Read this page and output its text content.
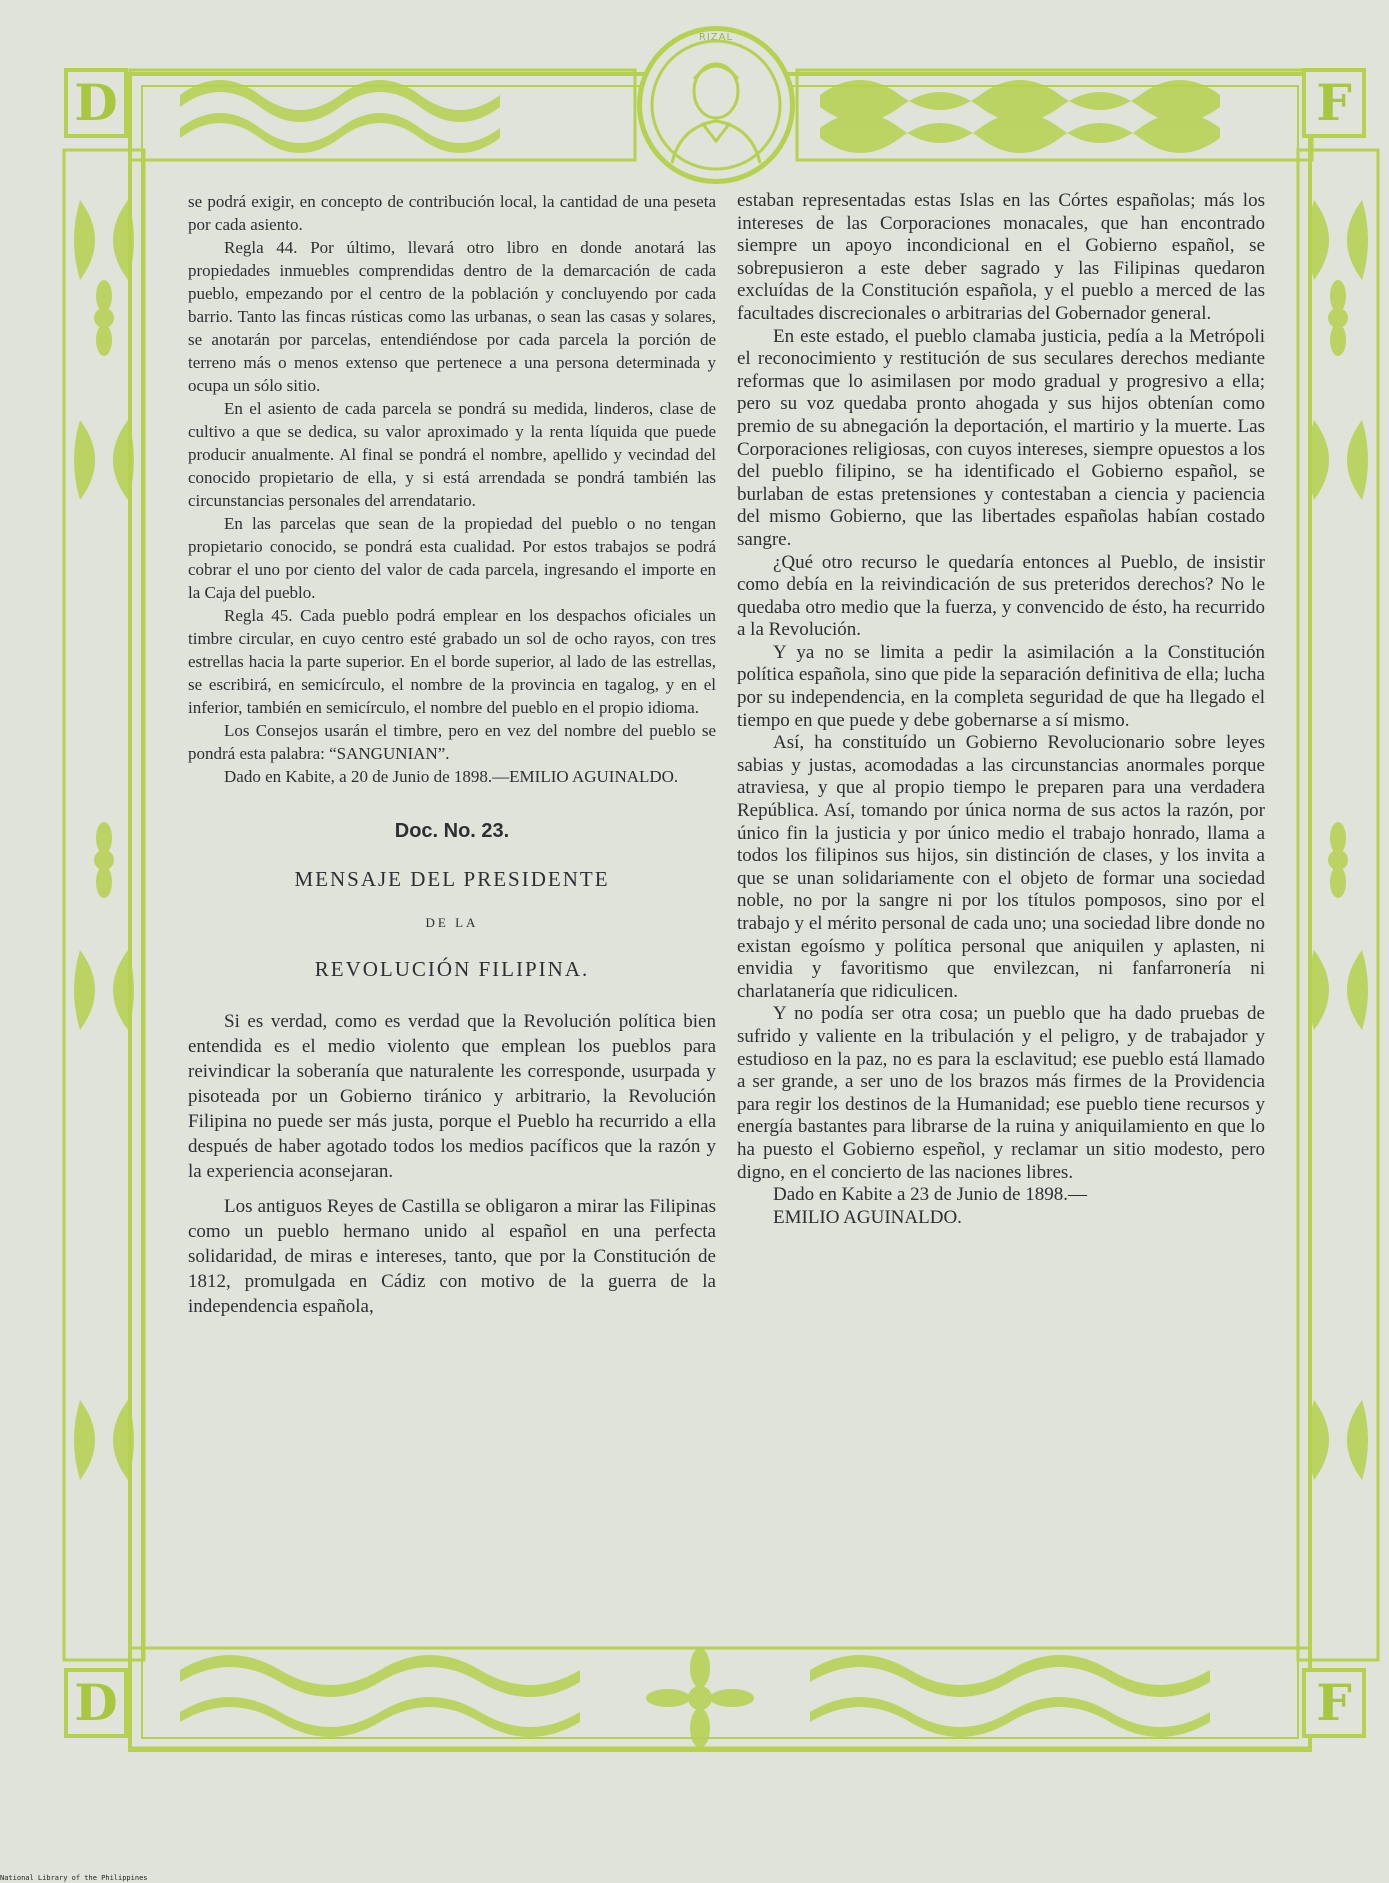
D	F
D	F
RIZAL

se podrá exigir, en concepto de contribución local, la cantidad de una peseta por cada asiento.

Regla 44. Por último, llevará otro libro en donde anotará las propiedades inmuebles comprendidas dentro de la demarcación de cada pueblo, empezando por el centro de la población y concluyendo por cada barrio. Tanto las fincas rústicas como las urbanas, o sean las casas y solares, se anotarán por parcelas, entendiéndose por cada parcela la porción de terreno más o menos extenso que pertenece a una persona determinada y ocupa un sólo sitio.

En el asiento de cada parcela se pondrá su medida, linderos, clase de cultivo a que se dedica, su valor aproximado y la renta líquida que puede producir anualmente. Al final se pondrá el nombre, apellido y vecindad del conocido propietario de ella, y si está arrendada se pondrá también las circunstancias personales del arrendatario.

En las parcelas que sean de la propiedad del pueblo o no tengan propietario conocido, se pondrá esta cualidad. Por estos trabajos se podrá cobrar el uno por ciento del valor de cada parcela, ingresando el importe en la Caja del pueblo.

Regla 45. Cada pueblo podrá emplear en los despachos oficiales un timbre circular, en cuyo centro esté grabado un sol de ocho rayos, con tres estrellas hacia la parte superior. En el borde superior, al lado de las estrellas, se escribirá, en semicírculo, el nombre de la provincia en tagalog, y en el inferior, también en semicírculo, el nombre del pueblo en el propio idioma.

Los Consejos usarán el timbre, pero en vez del nombre del pueblo se pondrá esta palabra: “SANGUNIAN”.

Dado en Kabite, a 20 de Junio de 1898.—EMILIO AGUINALDO.

Doc. No. 23.
MENSAJE DEL PRESIDENTE
DE LA
REVOLUCIÓN FILIPINA.

Si es verdad, como es verdad que la Revolución política bien entendida es el medio violento que emplean los pueblos para reivindicar la soberanía que naturalente les corresponde, usurpada y pisoteada por un Gobierno tiránico y arbitrario, la Revolución Filipina no puede ser más justa, porque el Pueblo ha recurrido a ella después de haber agotado todos los medios pacíficos que la razón y la experiencia aconsejaran.

Los antiguos Reyes de Castilla se obligaron a mirar las Filipinas como un pueblo hermano unido al español en una perfecta solidaridad, de miras e intereses, tanto, que por la Constitución de 1812, promulgada en Cádiz con motivo de la guerra de la independencia española,

estaban representadas estas Islas en las Córtes españolas; más los intereses de las Corporaciones monacales, que han encontrado siempre un apoyo incondicional en el Gobierno español, se sobrepusieron a este deber sagrado y las Filipinas quedaron excluídas de la Constitución española, y el pueblo a merced de las facultades discrecionales o arbitrarias del Gobernador general.

En este estado, el pueblo clamaba justicia, pedía a la Metrópoli el reconocimiento y restitución de sus seculares derechos mediante reformas que lo asimilasen por modo gradual y progresivo a ella; pero su voz quedaba pronto ahogada y sus hijos obtenían como premio de su abnegación la deportación, el martirio y la muerte. Las Corporaciones religiosas, con cuyos intereses, siempre opuestos a los del pueblo filipino, se ha identificado el Gobierno español, se burlaban de estas pretensiones y contestaban a ciencia y paciencia del mismo Gobierno, que las libertades españolas habían costado sangre.

¿Qué otro recurso le quedaría entonces al Pueblo, de insistir como debía en la reivindicación de sus preteridos derechos? No le quedaba otro medio que la fuerza, y convencido de ésto, ha recurrido a la Revolución.

Y ya no se limita a pedir la asimilación a la Constitución política española, sino que pide la separación definitiva de ella; lucha por su independencia, en la completa seguridad de que ha llegado el tiempo en que puede y debe gobernarse a sí mismo.

Así, ha constituído un Gobierno Revolucionario sobre leyes sabias y justas, acomodadas a las circunstancias anormales porque atraviesa, y que al propio tiempo le preparen para una verdadera República. Así, tomando por única norma de sus actos la razón, por único fin la justicia y por único medio el trabajo honrado, llama a todos los filipinos sus hijos, sin distinción de clases, y los invita a que se unan solidariamente con el objeto de formar una sociedad noble, no por la sangre ni por los títulos pomposos, sino por el trabajo y el mérito personal de cada uno; una sociedad libre donde no existan egoísmo y política personal que aniquilen y aplasten, ni envidia y favoritismo que envilezcan, ni fanfarronería ni charlatanería que ridiculicen.

Y no podía ser otra cosa; un pueblo que ha dado pruebas de sufrido y valiente en la tribulación y el peligro, y de trabajador y estudioso en la paz, no es para la esclavitud; ese pueblo está llamado a ser grande, a ser uno de los brazos más firmes de la Providencia para regir los destinos de la Humanidad; ese pueblo tiene recursos y energía bastantes para librarse de la ruina y aniquilamiento en que lo ha puesto el Gobierno espeñol, y reclamar un sitio modesto, pero digno, en el concierto de las naciones libres.

Dado en Kabite a 23 de Junio de 1898.—

EMILIO AGUINALDO.

National Library of the Philippines
